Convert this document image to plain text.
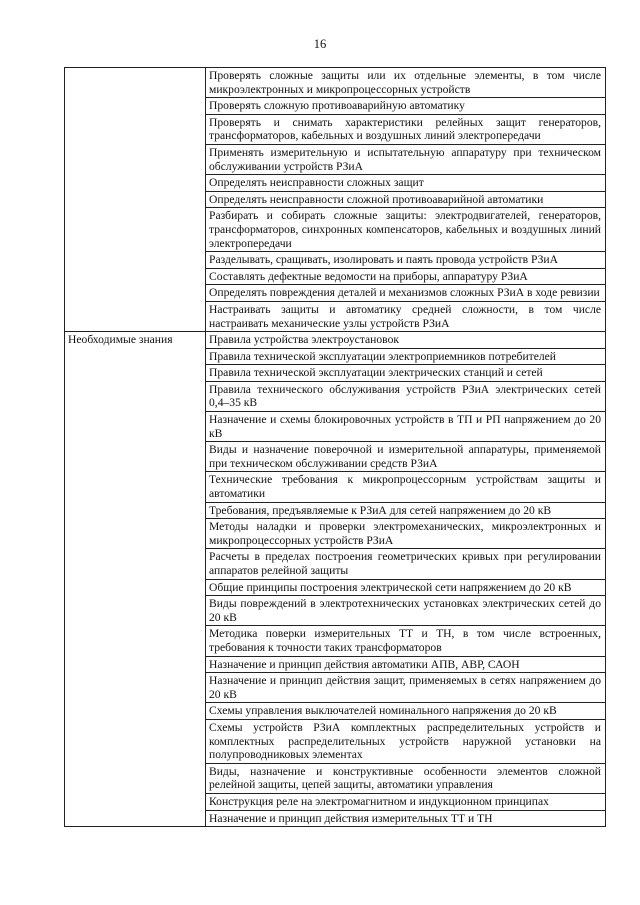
16
	Проверять сложные защиты или их отдельные элементы, в том числе микроэлектронных и микропроцессорных устройств
	Проверять сложную противоаварийную автоматику
	Проверять и снимать характеристики релейных защит генераторов, трансформаторов, кабельных и воздушных линий электропередачи
	Применять измерительную и испытательную аппаратуру при техническом обслуживании устройств РЗиА
	Определять неисправности сложных защит
	Определять неисправности сложной противоаварийной автоматики
	Разбирать и собирать сложные защиты: электродвигателей, генераторов, трансформаторов, синхронных компенсаторов, кабельных и воздушных линий электропередачи
	Разделывать, сращивать, изолировать и паять провода устройств РЗиА
	Составлять дефектные ведомости на приборы, аппаратуру РЗиА
	Определять повреждения деталей и механизмов сложных РЗиА в ходе ревизии
	Настраивать защиты и автоматику средней сложности, в том числе настраивать механические узлы устройств РЗиА
Необходимые знания	Правила устройства электроустановок
	Правила технической эксплуатации электроприемников потребителей
	Правила технической эксплуатации электрических станций и сетей
	Правила технического обслуживания устройств РЗиА электрических сетей 0,4–35 кВ
	Назначение и схемы блокировочных устройств в ТП и РП напряжением до 20 кВ
	Виды и назначение поверочной и измерительной аппаратуры, применяемой при техническом обслуживании средств РЗиА
	Технические требования к микропроцессорным устройствам защиты и автоматики
	Требования, предъявляемые к РЗиА для сетей напряжением до 20 кВ
	Методы наладки и проверки электромеханических, микроэлектронных и микропроцессорных устройств РЗиА
	Расчеты в пределах построения геометрических кривых при регулировании аппаратов релейной защиты
	Общие принципы построения электрической сети напряжением до 20 кВ
	Виды повреждений в электротехнических установках электрических сетей до 20 кВ
	Методика поверки измерительных ТТ и ТН, в том числе встроенных, требования к точности таких трансформаторов
	Назначение и принцип действия автоматики АПВ, АВР, САОН
	Назначение и принцип действия защит, применяемых в сетях напряжением до 20 кВ
	Схемы управления выключателей номинального напряжения до 20 кВ
	Схемы устройств РЗиА комплектных распределительных устройств и комплектных распределительных устройств наружной установки на полупроводниковых элементах
	Виды, назначение и конструктивные особенности элементов сложной релейной защиты, цепей защиты, автоматики управления
	Конструкция реле на электромагнитном и индукционном принципах
	Назначение и принцип действия измерительных ТТ и ТН
